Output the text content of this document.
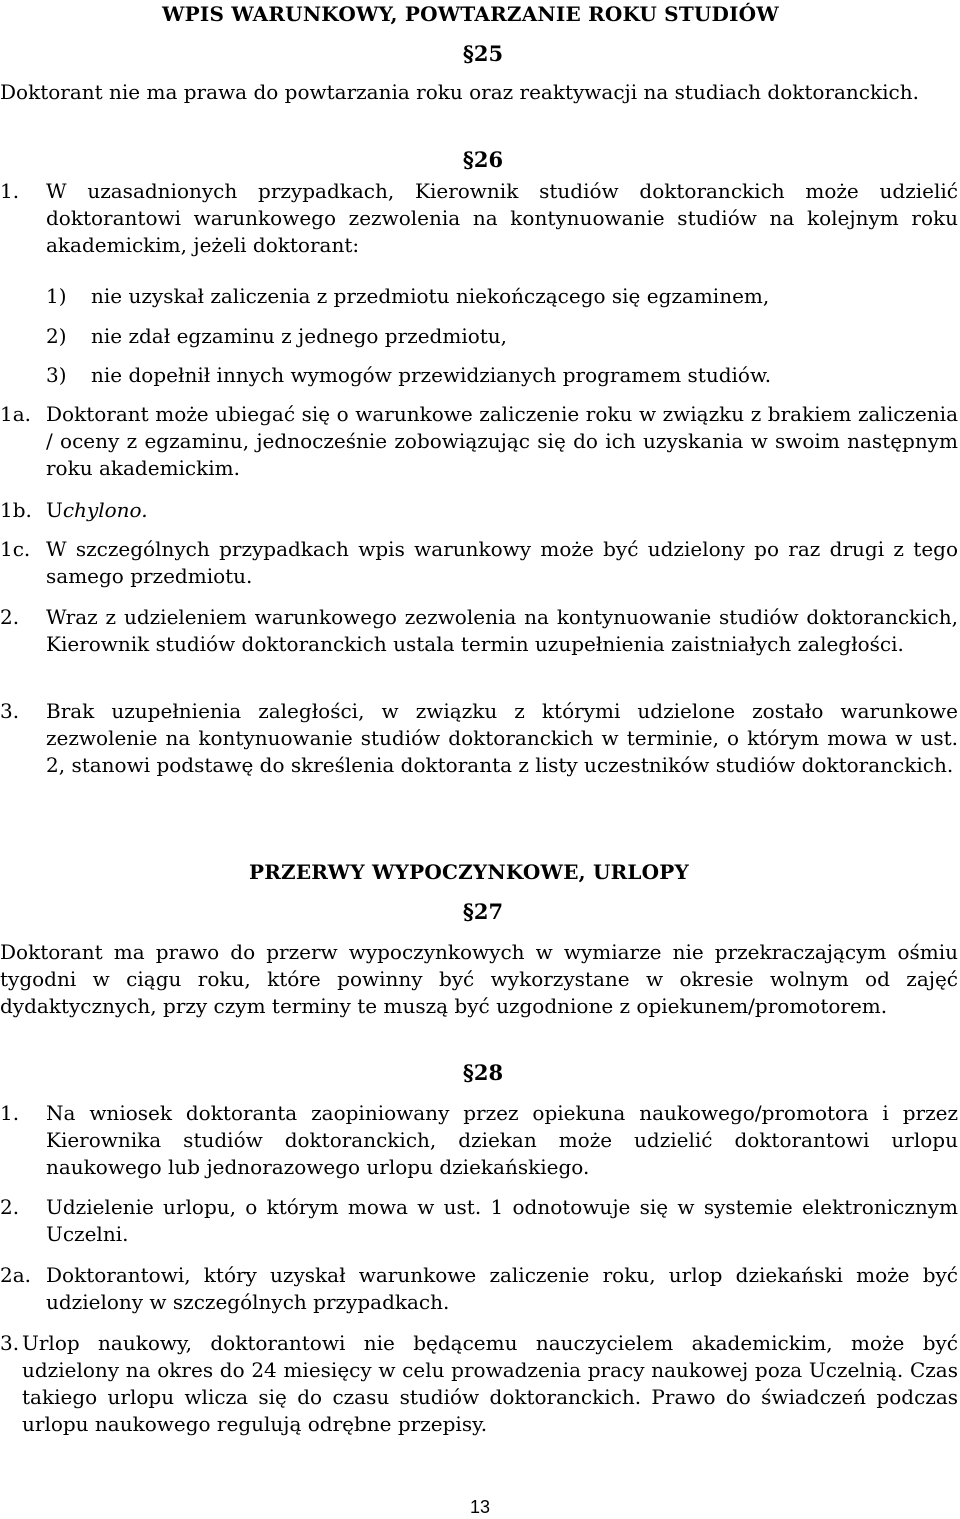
WPIS WARUNKOWY, POWTARZANIE ROKU STUDIÓW
§25
Doktorant nie ma prawa do powtarzania roku oraz reaktywacji na studiach doktoranckich.
§26
1. W uzasadnionych przypadkach, Kierownik studiów doktoranckich może udzielić doktorantowi warunkowego zezwolenia na kontynuowanie studiów na kolejnym roku akademickim, jeżeli doktorant:
1) nie uzyskał zaliczenia z przedmiotu niekończącego się egzaminem,
2) nie zdał egzaminu z jednego przedmiotu,
3) nie dopełnił innych wymogów przewidzianych programem studiów.
1a. Doktorant może ubiegać się o warunkowe zaliczenie roku w związku z brakiem zaliczenia / oceny z egzaminu, jednocześnie zobowiązując się do ich uzyskania w swoim następnym roku akademickim.
1b. Uchylono.
1c. W szczególnych przypadkach wpis warunkowy może być udzielony po raz drugi z tego samego przedmiotu.
2. Wraz z udzieleniem warunkowego zezwolenia na kontynuowanie studiów doktoranckich, Kierownik studiów doktoranckich ustala termin uzupełnienia zaistniałych zaległości.
3. Brak uzupełnienia zaległości, w związku z którymi udzielone zostało warunkowe zezwolenie na kontynuowanie studiów doktoranckich w terminie, o którym mowa w ust. 2, stanowi podstawę do skreślenia doktoranta z listy uczestników studiów doktoranckich.
PRZERWY WYPOCZYNKOWE, URLOPY
§27
Doktorant ma prawo do przerw wypoczynkowych w wymiarze nie przekraczającym ośmiu tygodni w ciągu roku, które powinny być wykorzystane w okresie wolnym od zajęć dydaktycznych, przy czym terminy te muszą być uzgodnione z opiekunem/promotorem.
§28
1. Na wniosek doktoranta zaopiniowany przez opiekuna naukowego/promotora i przez Kierownika studiów doktoranckich, dziekan może udzielić doktorantowi urlopu naukowego lub jednorazowego urlopu dziekańskiego.
2. Udzielenie urlopu, o którym mowa w ust. 1 odnotowuje się w systemie elektronicznym Uczelni.
2a. Doktorantowi, który uzyskał warunkowe zaliczenie roku, urlop dziekański może być udzielony w szczególnych przypadkach.
3. Urlop naukowy, doktorantowi nie będącemu nauczycielem akademickim, może być udzielony na okres do 24 miesięcy w celu prowadzenia pracy naukowej poza Uczelnią. Czas takiego urlopu wlicza się do czasu studiów doktoranckich. Prawo do świadczeń podczas urlopu naukowego regulują odrębne przepisy.
13
